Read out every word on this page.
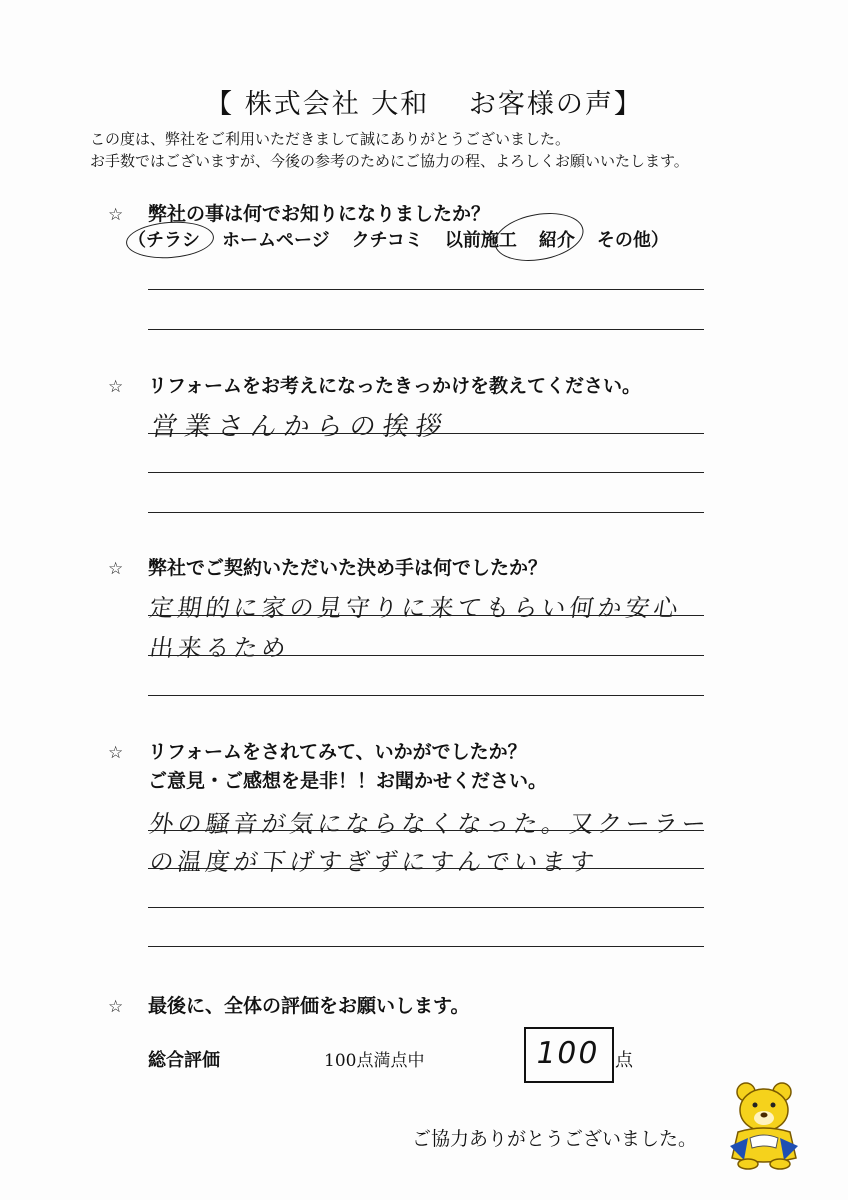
【 株式会社 大和　 お客様の声】
この度は、弊社をご利用いただきまして誠にありがとうございました。
お手数ではございますが、今後の参考のためにご協力の程、よろしくお願いいたします。
☆ 弊社の事は何でお知りになりましたか？
（チラシ ホームページ クチコミ 以前施工 紹介 その他）
☆ リフォームをお考えになったきっかけを教えてください。
営業さんからの挨拶
☆ 弊社でご契約いただいた決め手は何でしたか？
定期的に家の見守りに来てもらい何か安心
出来るため
☆ リフォームをされてみて、いかがでしたか？
ご意見・ご感想を是非！！お聞かせください。
外の騒音が気にならなくなった。又クーラー
の温度が下げすぎずにすんでいます
☆ 最後に、全体の評価をお願いします。
総合評価	100点満点中	100 点
ご協力ありがとうございました。
